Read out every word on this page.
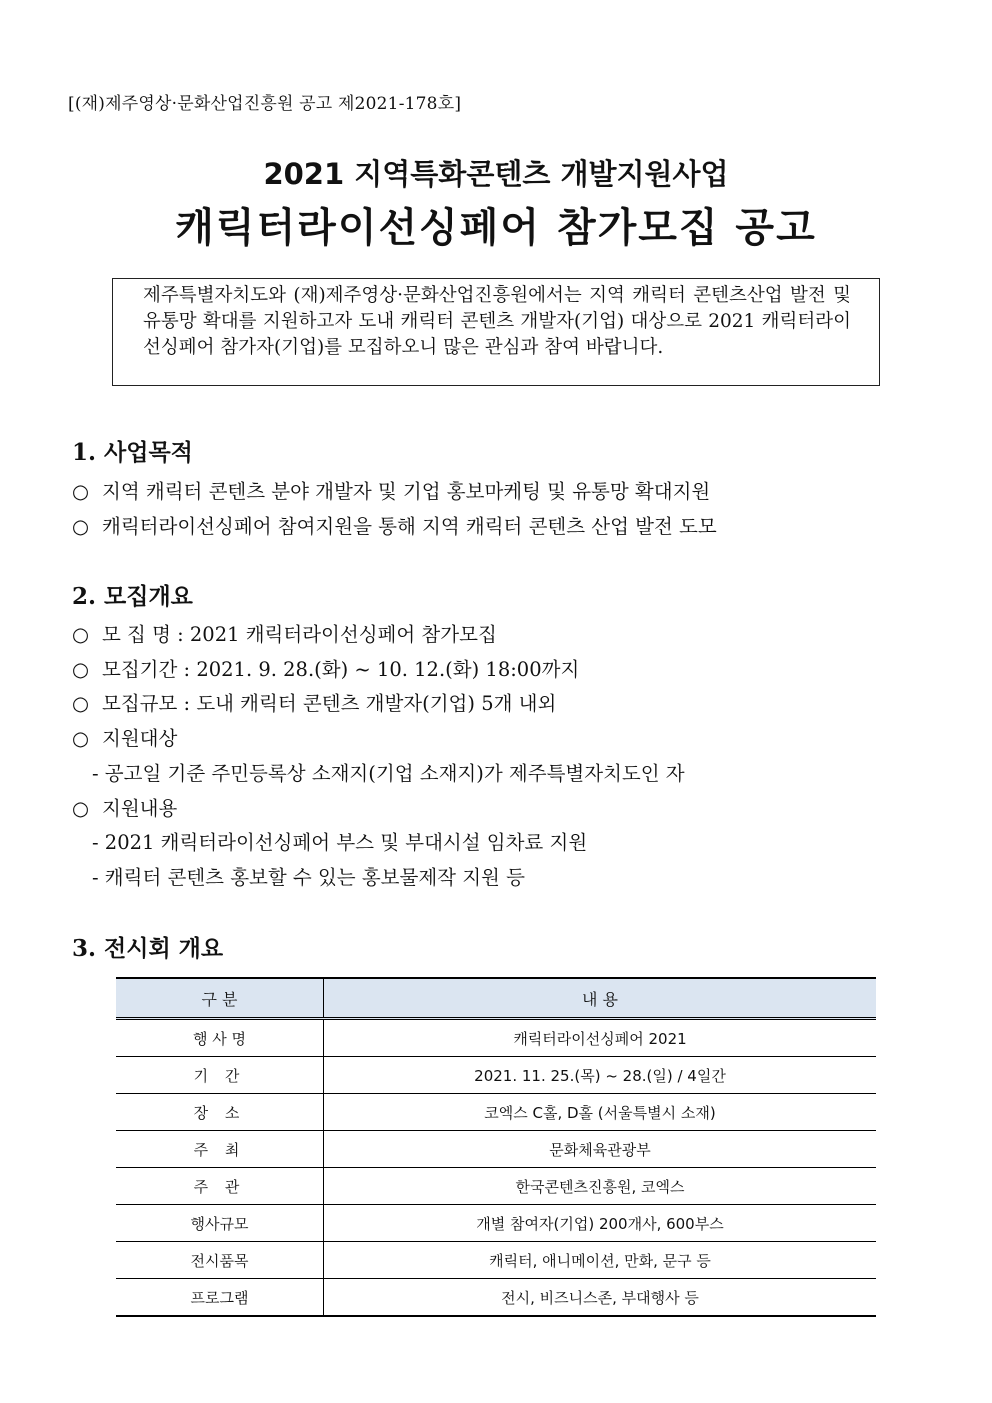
[(재)제주영상·문화산업진흥원 공고 제2021-178호]
2021 지역특화콘텐츠 개발지원사업
캐릭터라이선싱페어 참가모집 공고

제주특별자치도와 (재)제주영상·문화산업진흥원에서는 지역 캐릭터 콘텐츠산업 발전 및 유통망 확대를 지원하고자 도내 캐릭터 콘텐츠 개발자(기업) 대상으로 2021 캐릭터라이선싱페어 참가자(기업)를 모집하오니 많은 관심과 참여 바랍니다.

1. 사업목적
○ 지역 캐릭터 콘텐츠 분야 개발자 및 기업 홍보마케팅 및 유통망 확대지원
○ 캐릭터라이선싱페어 참여지원을 통해 지역 캐릭터 콘텐츠 산업 발전 도모
2. 모집개요
○ 모 집 명 : 2021 캐릭터라이선싱페어 참가모집
○ 모집기간 : 2021. 9. 28.(화) ~ 10. 12.(화) 18:00까지
○ 모집규모 : 도내 캐릭터 콘텐츠 개발자(기업) 5개 내외
○ 지원대상
- 공고일 기준 주민등록상 소재지(기업 소재지)가 제주특별자치도인 자
○ 지원내용
- 2021 캐릭터라이선싱페어 부스 및 부대시설 임차료 지원
- 캐릭터 콘텐츠 홍보할 수 있는 홍보물제작 지원 등
3. 전시회 개요
구 분	내 용
행 사 명	캐릭터라이선싱페어 2021
기 간	2021. 11. 25.(목) ~ 28.(일) / 4일간
장 소	코엑스 C홀, D홀 (서울특별시 소재)
주 최	문화체육관광부
주 관	한국콘텐츠진흥원, 코엑스
행사규모	개별 참여자(기업) 200개사, 600부스
전시품목	캐릭터, 애니메이션, 만화, 문구 등
프로그램	전시, 비즈니스존, 부대행사 등
